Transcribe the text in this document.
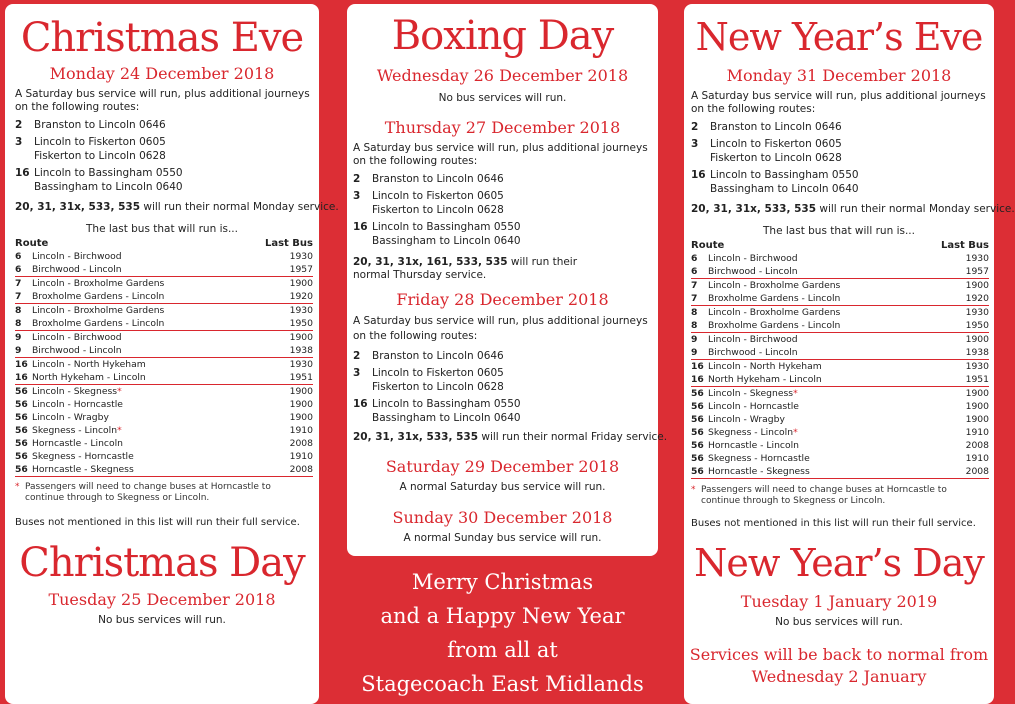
Christmas Eve
Monday 24 December 2018
A Saturday bus service will run, plus additional journeys on the following routes:
2	Branston to Lincoln 0646
3	Lincoln to Fiskerton 0605
Fiskerton to Lincoln 0628
16 Lincoln to Bassingham 0550
Bassingham to Lincoln 0640
20, 31, 31x, 533, 535 will run their normal Monday service.
The last bus that will run is...
Route	Last Bus
6	Lincoln - Birchwood	1930
6	Birchwood - Lincoln	1957
7	Lincoln - Broxholme Gardens	1900
7	Broxholme Gardens - Lincoln	1920
8	Lincoln - Broxholme Gardens	1930
8	Broxholme Gardens - Lincoln	1950
9	Lincoln - Birchwood	1900
9	Birchwood - Lincoln	1938
16 Lincoln - North Hykeham	1930
16 North Hykeham - Lincoln	1951
56 Lincoln - Skegness*	1900
56 Lincoln - Horncastle	1900
56 Lincoln - Wragby	1900
56 Skegness - Lincoln*	1910
56 Horncastle - Lincoln	2008
56 Skegness - Horncastle	1910
56 Horncastle - Skegness	2008
* Passengers will need to change buses at Horncastle to continue through to Skegness or Lincoln.
Buses not mentioned in this list will run their full service.
Christmas Day
Tuesday 25 December 2018
No bus services will run.
Boxing Day
Wednesday 26 December 2018
No bus services will run.
Thursday 27 December 2018
A Saturday bus service will run, plus additional journeys on the following routes:
2	Branston to Lincoln 0646
3	Lincoln to Fiskerton 0605
Fiskerton to Lincoln 0628
16 Lincoln to Bassingham 0550
Bassingham to Lincoln 0640
20, 31, 31x, 161, 533, 535 will run their normal Thursday service.
Friday 28 December 2018
A Saturday bus service will run, plus additional journeys on the following routes:
2	Branston to Lincoln 0646
3	Lincoln to Fiskerton 0605
Fiskerton to Lincoln 0628
16 Lincoln to Bassingham 0550
Bassingham to Lincoln 0640
20, 31, 31x, 533, 535 will run their normal Friday service.
Saturday 29 December 2018
A normal Saturday bus service will run.
Sunday 30 December 2018
A normal Sunday bus service will run.
Merry Christmas
and a Happy New Year
from all at
Stagecoach East Midlands
New Year’s Eve
Monday 31 December 2018
A Saturday bus service will run, plus additional journeys on the following routes:
2	Branston to Lincoln 0646
3	Lincoln to Fiskerton 0605
Fiskerton to Lincoln 0628
16 Lincoln to Bassingham 0550
Bassingham to Lincoln 0640
20, 31, 31x, 533, 535 will run their normal Monday service.
The last bus that will run is...
Route	Last Bus
6	Lincoln - Birchwood	1930
6	Birchwood - Lincoln	1957
7	Lincoln - Broxholme Gardens	1900
7	Broxholme Gardens - Lincoln	1920
8	Lincoln - Broxholme Gardens	1930
8	Broxholme Gardens - Lincoln	1950
9	Lincoln - Birchwood	1900
9	Birchwood - Lincoln	1938
16 Lincoln - North Hykeham	1930
16 North Hykeham - Lincoln	1951
56 Lincoln - Skegness*	1900
56 Lincoln - Horncastle	1900
56 Lincoln - Wragby	1900
56 Skegness - Lincoln*	1910
56 Horncastle - Lincoln	2008
56 Skegness - Horncastle	1910
56 Horncastle - Skegness	2008
* Passengers will need to change buses at Horncastle to continue through to Skegness or Lincoln.
Buses not mentioned in this list will run their full service.
New Year’s Day
Tuesday 1 January 2019
No bus services will run.
Services will be back to normal from
Wednesday 2 January
